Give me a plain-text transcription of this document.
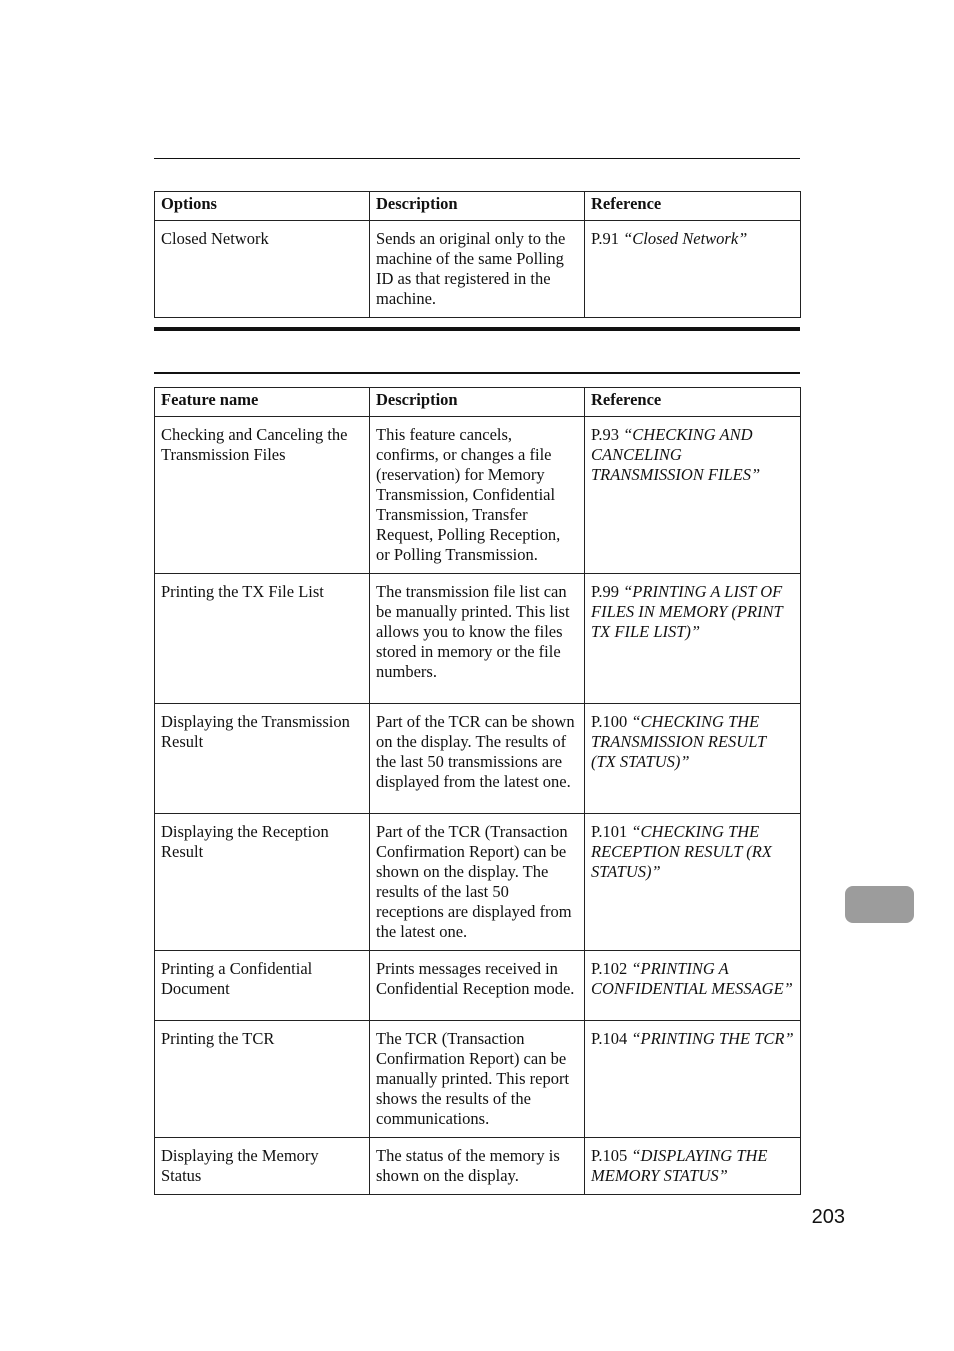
Options	Description	Reference
Closed Network	Sends an original only to the machine of the same Polling ID as that registered in the machine.	P.91 “Closed Network”
Feature name	Description	Reference
Checking and Canceling the Transmission Files	This feature cancels, confirms, or changes a file (reservation) for Memory Transmission, Confidential Transmission, Transfer Request, Polling Reception, or Polling Transmission.	P.93 “CHECKING AND CANCELING TRANSMISSION FILES”
Printing the TX File List	The transmission file list can be manually printed. This list allows you to know the files stored in memory or the file numbers.	P.99 “PRINTING A LIST OF FILES IN MEMORY (PRINT TX FILE LIST)”
Displaying the Transmission Result	Part of the TCR can be shown on the display. The results of the last 50 transmissions are displayed from the latest one.	P.100 “CHECKING THE TRANSMISSION RESULT (TX STATUS)”
Displaying the Reception Result	Part of the TCR (Transaction Confirmation Report) can be shown on the display. The results of the last 50 receptions are displayed from the latest one.	P.101 “CHECKING THE RECEPTION RESULT (RX STATUS)”
Printing a Confidential Document	Prints messages received in Confidential Reception mode.	P.102 “PRINTING A CONFIDENTIAL MESSAGE”
Printing the TCR	The TCR (Transaction Confirmation Report) can be manually printed. This report shows the results of the communications.	P.104 “PRINTING THE TCR”
Displaying the Memory Status	The status of the memory is shown on the display.	P.105 “DISPLAYING THE MEMORY STATUS”
203
